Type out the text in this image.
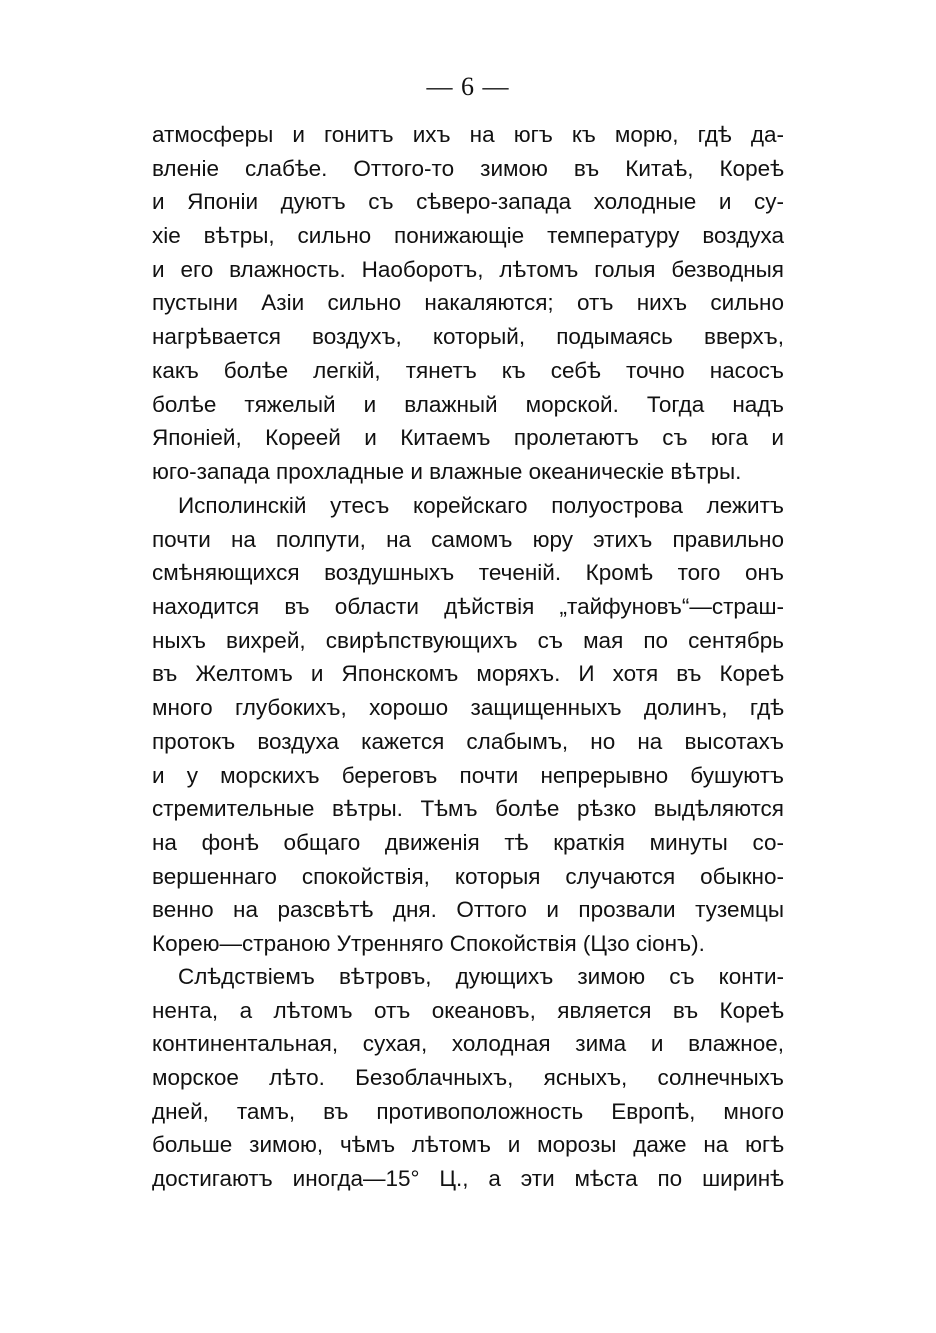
— 6 —
атмосферы и гонитъ ихъ на югъ къ морю, гдѣ да-
вленіе слабѣе. Оттого-то зимою въ Китаѣ, Кореѣ
и Японіи дуютъ съ сѣверо-запада холодные и су-
хіе вѣтры, сильно понижающіе температуру воздуха
и его влажность. Наоборотъ, лѣтомъ голыя безводныя
пустыни Азіи сильно накаляются; отъ нихъ сильно
нагрѣвается воздухъ, который, подымаясь вверхъ,
какъ болѣе легкій, тянетъ къ себѣ точно насосъ
болѣе тяжелый и влажный морской. Тогда надъ
Японіей, Кореей и Китаемъ пролетаютъ съ юга и
юго-запада прохладные и влажные океаническіе вѣтры.
Исполинскій утесъ корейскаго полуострова лежитъ
почти на полпути, на самомъ юру этихъ правильно
смѣняющихся воздушныхъ теченій. Кромѣ того онъ
находится въ области дѣйствія „тайфуновъ“—страш-
ныхъ вихрей, свирѣпствующихъ съ мая по сентябрь
въ Желтомъ и Японскомъ моряхъ. И хотя въ Кореѣ
много глубокихъ, хорошо защищенныхъ долинъ, гдѣ
протокъ воздуха кажется слабымъ, но на высотахъ
и у морскихъ береговъ почти непрерывно бушуютъ
стремительные вѣтры. Тѣмъ болѣе рѣзко выдѣляются
на фонѣ общаго движенія тѣ краткія минуты со-
вершеннаго спокойствія, которыя случаются обыкно-
венно на разсвѣтѣ дня. Оттого и прозвали туземцы
Корею—страною Утренняго Спокойствія (Цзо сіонъ).
Слѣдствіемъ вѣтровъ, дующихъ зимою съ конти-
нента, а лѣтомъ отъ океановъ, является въ Кореѣ
континентальная, сухая, холодная зима и влажное,
морское лѣто. Безоблачныхъ, ясныхъ, солнечныхъ
дней, тамъ, въ противоположность Европѣ, много
больше зимою, чѣмъ лѣтомъ и морозы даже на югѣ
достигаютъ иногда—15° Ц., а эти мѣста по ширинѣ
